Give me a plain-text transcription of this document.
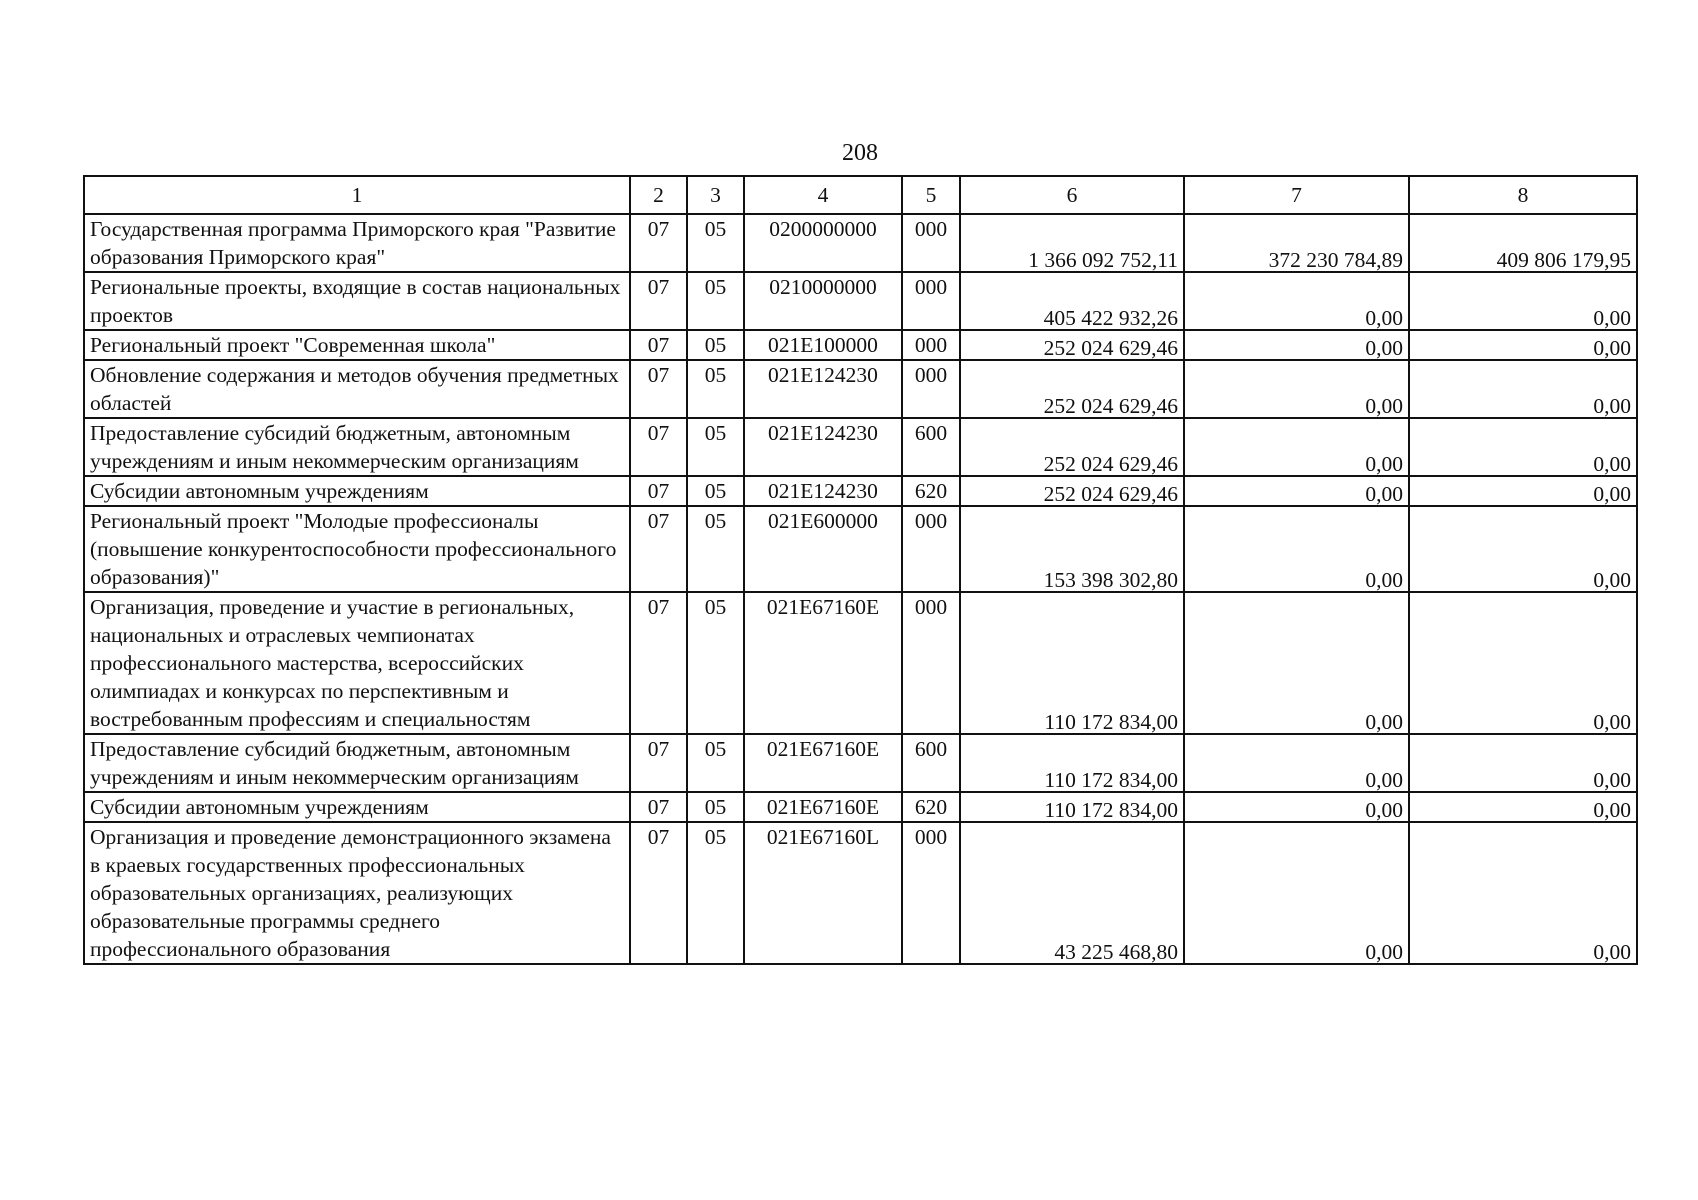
208
1	2	3	4	5	6	7	8
Государственная программа Приморского края "Развитие образования Приморского края"	07	05	0200000000	000	1 366 092 752,11	372 230 784,89	409 806 179,95
Региональные проекты, входящие в состав национальных проектов	07	05	0210000000	000	405 422 932,26	0,00	0,00
Региональный проект "Современная школа"	07	05	021E100000	000	252 024 629,46	0,00	0,00
Обновление содержания и методов обучения предметных областей	07	05	021E124230	000	252 024 629,46	0,00	0,00
Предоставление субсидий бюджетным, автономным учреждениям и иным некоммерческим организациям	07	05	021E124230	600	252 024 629,46	0,00	0,00
Субсидии автономным учреждениям	07	05	021E124230	620	252 024 629,46	0,00	0,00
Региональный проект "Молодые профессионалы (повышение конкурентоспособности профессионального образования)"	07	05	021E600000	000	153 398 302,80	0,00	0,00
Организация, проведение и участие в региональных, национальных и отраслевых чемпионатах профессионального мастерства, всероссийских олимпиадах и конкурсах по перспективным и востребованным профессиям и специальностям	07	05	021E67160E	000	110 172 834,00	0,00	0,00
Предоставление субсидий бюджетным, автономным учреждениям и иным некоммерческим организациям	07	05	021E67160E	600	110 172 834,00	0,00	0,00
Субсидии автономным учреждениям	07	05	021E67160E	620	110 172 834,00	0,00	0,00
Организация и проведение демонстрационного экзамена в краевых государственных профессиональных образовательных организациях, реализующих образовательные программы среднего профессионального образования	07	05	021E67160L	000	43 225 468,80	0,00	0,00
